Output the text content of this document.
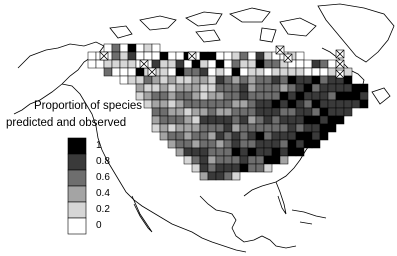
Proportion of species
predicted and observed
1
0.8
0.6
0.4
0.2
0
